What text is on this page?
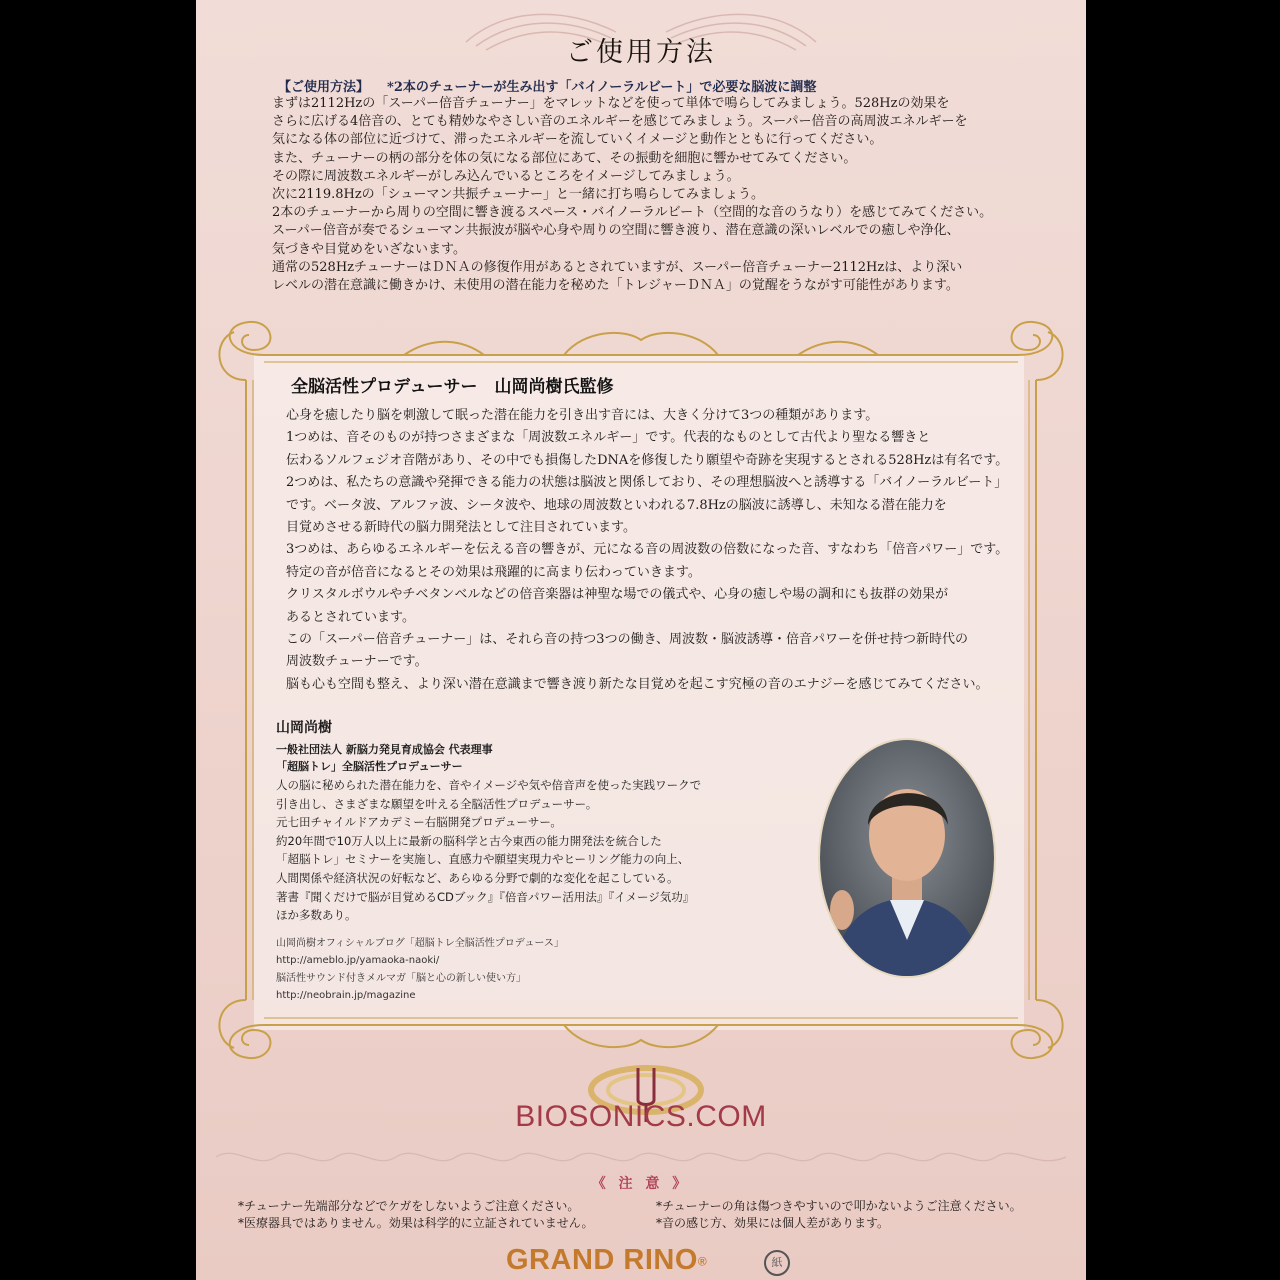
ご使用方法
【ご使用方法】 *2本のチューナーが生み出す「バイノーラルビート」で必要な脳波に調整
まずは2112Hzの「スーパー倍音チューナー」をマレットなどを使って単体で鳴らしてみましょう。528Hzの効果を
さらに広げる4倍音の、とても精妙なやさしい音のエネルギーを感じてみましょう。スーパー倍音の高周波エネルギーを
気になる体の部位に近づけて、滞ったエネルギーを流していくイメージと動作とともに行ってください。
また、チューナーの柄の部分を体の気になる部位にあて、その振動を細胞に響かせてみてください。
その際に周波数エネルギーがしみ込んでいるところをイメージしてみましょう。
次に2119.8Hzの「シューマン共振チューナー」と一緒に打ち鳴らしてみましょう。
2本のチューナーから周りの空間に響き渡るスペース・バイノーラルビート（空間的な音のうなり）を感じてみてください。
スーパー倍音が奏でるシューマン共振波が脳や心身や周りの空間に響き渡り、潜在意識の深いレベルでの癒しや浄化、
気づきや目覚めをいざないます。
通常の528HzチューナーはＤＮＡの修復作用があるとされていますが、スーパー倍音チューナー2112Hzは、より深い
レベルの潜在意識に働きかけ、未使用の潜在能力を秘めた「トレジャーＤＮＡ」の覚醒をうながす可能性があります。
全脳活性プロデューサー　山岡尚樹氏監修
心身を癒したり脳を刺激して眠った潜在能力を引き出す音には、大きく分けて3つの種類があります。
1つめは、音そのものが持つさまざまな「周波数エネルギー」です。代表的なものとして古代より聖なる響きと
伝わるソルフェジオ音階があり、その中でも損傷したDNAを修復したり願望や奇跡を実現するとされる528Hzは有名です。
2つめは、私たちの意識や発揮できる能力の状態は脳波と関係しており、その理想脳波へと誘導する「バイノーラルビート」
です。ベータ波、アルファ波、シータ波や、地球の周波数といわれる7.8Hzの脳波に誘導し、未知なる潜在能力を
目覚めさせる新時代の脳力開発法として注目されています。
3つめは、あらゆるエネルギーを伝える音の響きが、元になる音の周波数の倍数になった音、すなわち「倍音パワー」です。
特定の音が倍音になるとその効果は飛躍的に高まり伝わっていきます。
クリスタルボウルやチベタンベルなどの倍音楽器は神聖な場での儀式や、心身の癒しや場の調和にも抜群の効果が
あるとされています。
この「スーパー倍音チューナー」は、それら音の持つ3つの働き、周波数・脳波誘導・倍音パワーを併せ持つ新時代の
周波数チューナーです。
脳も心も空間も整え、より深い潜在意識まで響き渡り新たな目覚めを起こす究極の音のエナジーを感じてみてください。
山岡尚樹
一般社団法人 新脳力発見育成協会 代表理事
「超脳トレ」全脳活性プロデューサー
人の脳に秘められた潜在能力を、音やイメージや気や倍音声を使った実践ワークで
引き出し、さまざまな願望を叶える全脳活性プロデューサー。
元七田チャイルドアカデミー右脳開発プロデューサー。
約20年間で10万人以上に最新の脳科学と古今東西の能力開発法を統合した
「超脳トレ」セミナーを実施し、直感力や願望実現力やヒーリング能力の向上、
人間関係や経済状況の好転など、あらゆる分野で劇的な変化を起こしている。
著書『聞くだけで脳が目覚めるCDブック』『倍音パワー活用法』『イメージ気功』
ほか多数あり。
山岡尚樹オフィシャルブログ「超脳トレ全脳活性プロデュース」
http://ameblo.jp/yamaoka-naoki/
脳活性サウンド付きメルマガ「脳と心の新しい使い方」
http://neobrain.jp/magazine
BIOSONICS.COM
《 注 意 》
*チューナー先端部分などでケガをしないようご注意ください。
*医療器具ではありません。効果は科学的に立証されていません。
*チューナーの角は傷つきやすいので叩かないようご注意ください。
*音の感じ方、効果には個人差があります。
GRAND RINO®	紙
